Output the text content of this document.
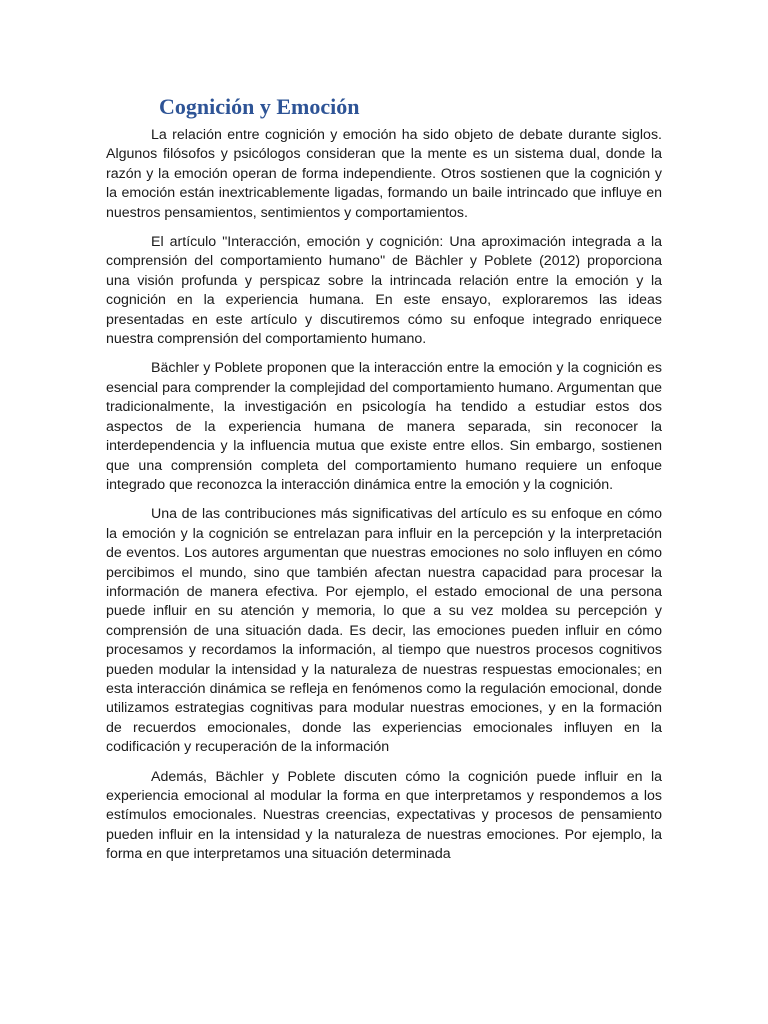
Cognición y Emoción

La relación entre cognición y emoción ha sido objeto de debate durante siglos. Algunos filósofos y psicólogos consideran que la mente es un sistema dual, donde la razón y la emoción operan de forma independiente. Otros sostienen que la cognición y la emoción están inextricablemente ligadas, formando un baile intrincado que influye en nuestros pensamientos, sentimientos y comportamientos.

El artículo "Interacción, emoción y cognición: Una aproximación integrada a la comprensión del comportamiento humano" de Bächler y Poblete (2012) proporciona una visión profunda y perspicaz sobre la intrincada relación entre la emoción y la cognición en la experiencia humana. En este ensayo, exploraremos las ideas presentadas en este artículo y discutiremos cómo su enfoque integrado enriquece nuestra comprensión del comportamiento humano.

Bächler y Poblete proponen que la interacción entre la emoción y la cognición es esencial para comprender la complejidad del comportamiento humano. Argumentan que tradicionalmente, la investigación en psicología ha tendido a estudiar estos dos aspectos de la experiencia humana de manera separada, sin reconocer la interdependencia y la influencia mutua que existe entre ellos. Sin embargo, sostienen que una comprensión completa del comportamiento humano requiere un enfoque integrado que reconozca la interacción dinámica entre la emoción y la cognición.

Una de las contribuciones más significativas del artículo es su enfoque en cómo la emoción y la cognición se entrelazan para influir en la percepción y la interpretación de eventos. Los autores argumentan que nuestras emociones no solo influyen en cómo percibimos el mundo, sino que también afectan nuestra capacidad para procesar la información de manera efectiva. Por ejemplo, el estado emocional de una persona puede influir en su atención y memoria, lo que a su vez moldea su percepción y comprensión de una situación dada. Es decir, las emociones pueden influir en cómo procesamos y recordamos la información, al tiempo que nuestros procesos cognitivos pueden modular la intensidad y la naturaleza de nuestras respuestas emocionales; en esta interacción dinámica se refleja en fenómenos como la regulación emocional, donde utilizamos estrategias cognitivas para modular nuestras emociones, y en la formación de recuerdos emocionales, donde las experiencias emocionales influyen en la codificación y recuperación de la información

Además, Bächler y Poblete discuten cómo la cognición puede influir en la experiencia emocional al modular la forma en que interpretamos y respondemos a los estímulos emocionales. Nuestras creencias, expectativas y procesos de pensamiento pueden influir en la intensidad y la naturaleza de nuestras emociones. Por ejemplo, la forma en que interpretamos una situación determinada
